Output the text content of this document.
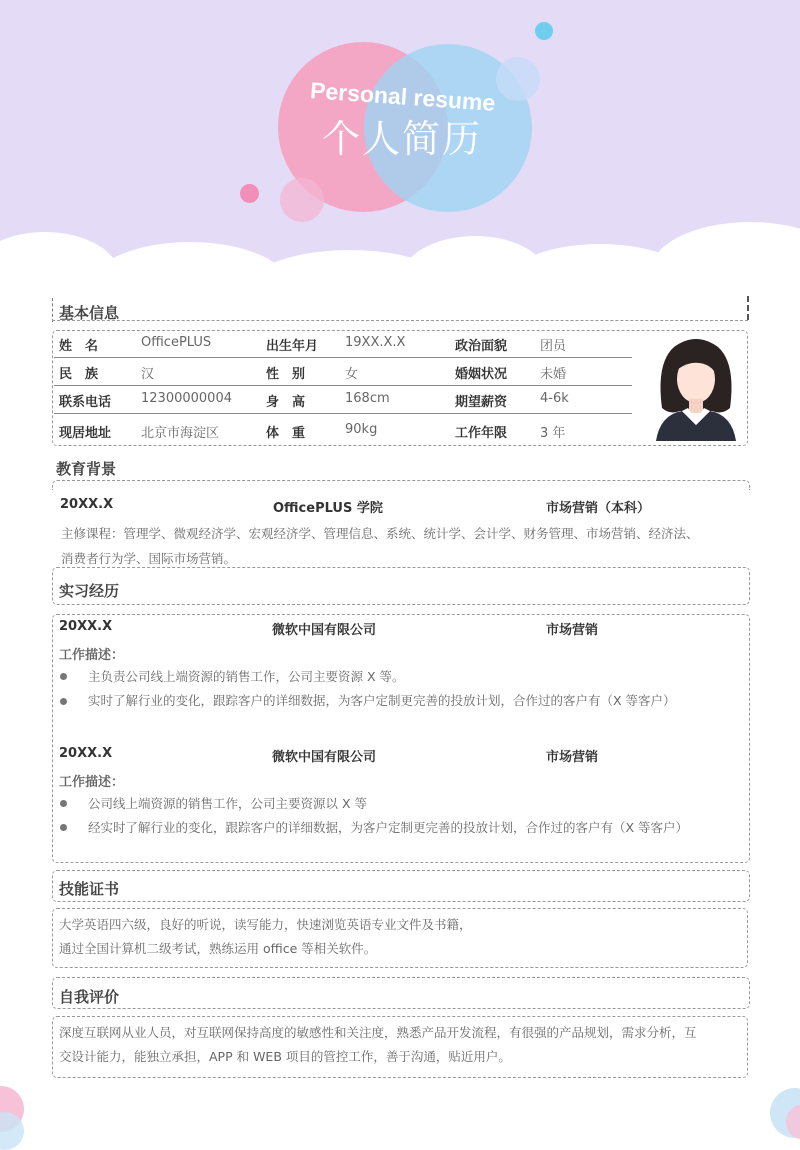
Personal resume
个人简历
基本信息
姓　名	OfficePLUS	出生年月 19XX.X.X	政治面貌	团员
民　族	汉	性　别	女	婚姻状况	未婚
联系电话 12300000004	身　高	168cm	期望薪资	4-6k
现居地址 北京市海淀区	体　重	90kg	工作年限	3 年
教育背景
20XX.X	OfficePLUS 学院	市场营销（本科）
主修课程：管理学、微观经济学、宏观经济学、管理信息、系统、统计学、会计学、财务管理、市场营销、经济法、
消费者行为学、国际市场营销。
实习经历
20XX.X	微软中国有限公司	市场营销
工作描述：
主负责公司线上端资源的销售工作，公司主要资源 X 等。
实时了解行业的变化，跟踪客户的详细数据，为客户定制更完善的投放计划，合作过的客户有（X 等客户）
20XX.X	微软中国有限公司	市场营销
工作描述：
公司线上端资源的销售工作，公司主要资源以 X 等
经实时了解行业的变化，跟踪客户的详细数据，为客户定制更完善的投放计划，合作过的客户有（X 等客户）
技能证书
大学英语四六级，良好的听说，读写能力，快速浏览英语专业文件及书籍，
通过全国计算机二级考试，熟练运用 office 等相关软件。
自我评价
深度互联网从业人员，对互联网保持高度的敏感性和关注度，熟悉产品开发流程，有很强的产品规划，需求分析，互
交设计能力，能独立承担，APP 和 WEB 项目的管控工作，善于沟通，贴近用户。
